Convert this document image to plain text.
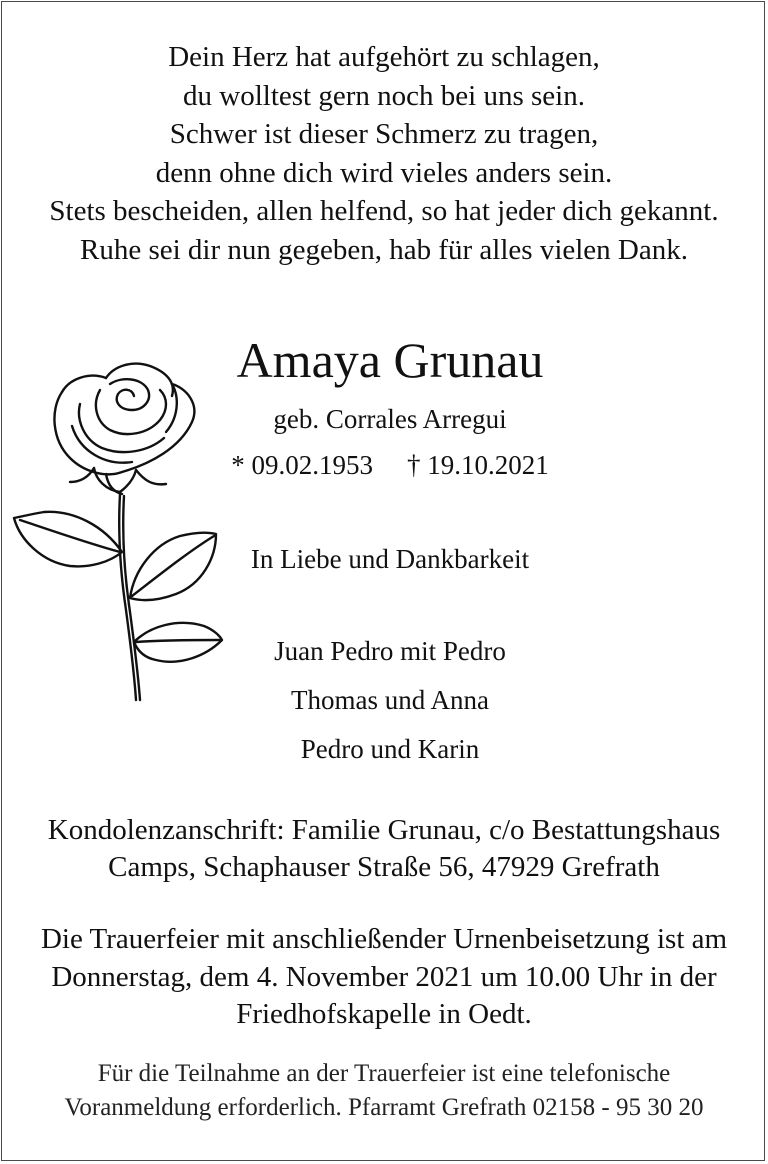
Dein Herz hat aufgehört zu schlagen,
du wolltest gern noch bei uns sein.
Schwer ist dieser Schmerz zu tragen,
denn ohne dich wird vieles anders sein.
Stets bescheiden, allen helfend, so hat jeder dich gekannt.
Ruhe sei dir nun gegeben, hab für alles vielen Dank.
Amaya Grunau
geb. Corrales Arregui
* 09.02.1953 † 19.10.2021
In Liebe und Dankbarkeit
Juan Pedro mit Pedro
Thomas und Anna
Pedro und Karin
Kondolenzanschrift: Familie Grunau, c/o Bestattungshaus
Camps, Schaphauser Straße 56, 47929 Grefrath
Die Trauerfeier mit anschließender Urnenbeisetzung ist am
Donnerstag, dem 4. November 2021 um 10.00 Uhr in der
Friedhofskapelle in Oedt.
Für die Teilnahme an der Trauerfeier ist eine telefonische
Voranmeldung erforderlich. Pfarramt Grefrath 02158 - 95 30 20
